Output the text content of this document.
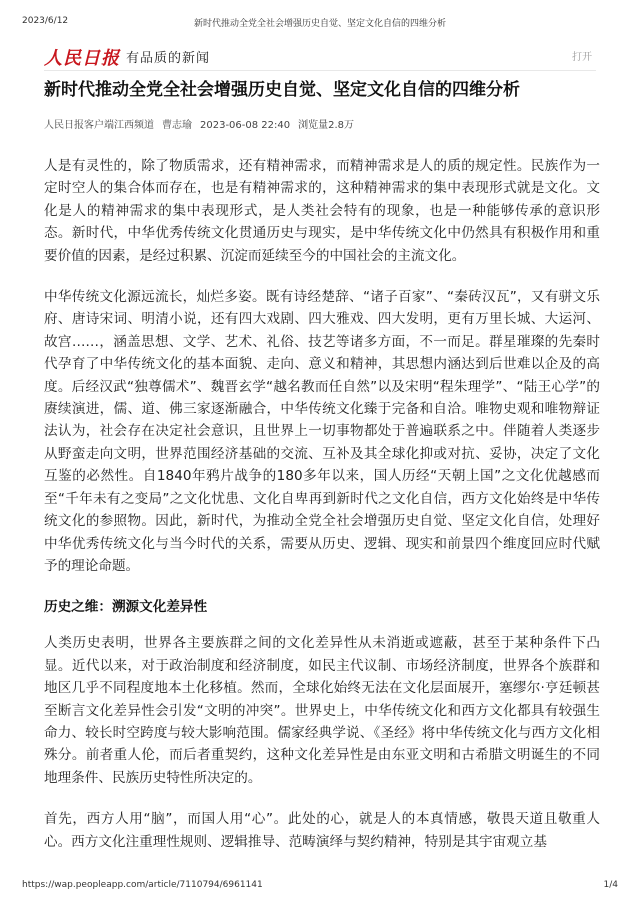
2023/6/12	新时代推动全党全社会增强历史自觉、坚定文化自信的四维分析
人民日报 有品质的新闻	打开
新时代推动全党全社会增强历史自觉、坚定文化自信的四维分析
人民日报客户端江西频道 曹志瑜 2023-06-08 22:40 浏览量2.8万

人是有灵性的，除了物质需求，还有精神需求，而精神需求是人的质的规定性。民族作为一定时空人的集合体而存在，也是有精神需求的，这种精神需求的集中表现形式就是文化。文化是人的精神需求的集中表现形式，是人类社会特有的现象，也是一种能够传承的意识形态。新时代，中华优秀传统文化贯通历史与现实，是中华传统文化中仍然具有积极作用和重要价值的因素，是经过积累、沉淀而延续至今的中国社会的主流文化。

中华传统文化源远流长，灿烂多姿。既有诗经楚辞、“诸子百家”、“秦砖汉瓦”，又有骈文乐府、唐诗宋词、明清小说，还有四大戏剧、四大雅戏、四大发明，更有万里长城、大运河、故宫……，涵盖思想、文学、艺术、礼俗、技艺等诸多方面，不一而足。群星璀璨的先秦时代孕育了中华传统文化的基本面貌、走向、意义和精神，其思想内涵达到后世难以企及的高度。后经汉武“独尊儒术”、魏晋玄学“越名教而任自然”以及宋明“程朱理学”、“陆王心学”的赓续演进，儒、道、佛三家逐渐融合，中华传统文化臻于完备和自洽。唯物史观和唯物辩证法认为，社会存在决定社会意识，且世界上一切事物都处于普遍联系之中。伴随着人类逐步从野蛮走向文明，世界范围经济基础的交流、互补及其全球化抑或对抗、妥协，决定了文化互鉴的必然性。自1840年鸦片战争的180多年以来，国人历经“天朝上国”之文化优越感而至“千年未有之变局”之文化忧患、文化自卑再到新时代之文化自信，西方文化始终是中华传统文化的参照物。因此，新时代，为推动全党全社会增强历史自觉、坚定文化自信，处理好中华优秀传统文化与当今时代的关系，需要从历史、逻辑、现实和前景四个维度回应时代赋予的理论命题。

历史之维：溯源文化差异性

人类历史表明，世界各主要族群之间的文化差异性从未消逝或遮蔽，甚至于某种条件下凸显。近代以来，对于政治制度和经济制度，如民主代议制、市场经济制度，世界各个族群和地区几乎不同程度地本土化移植。然而，全球化始终无法在文化层面展开，塞缪尔·亨廷顿甚至断言文化差异性会引发“文明的冲突”。世界史上，中华传统文化和西方文化都具有较强生命力、较长时空跨度与较大影响范围。儒家经典学说、《圣经》将中华传统文化与西方文化相殊分。前者重人伦，而后者重契约，这种文化差异性是由东亚文明和古希腊文明诞生的不同地理条件、民族历史特性所决定的。

首先，西方人用“脑”，而国人用“心”。此处的心，就是人的本真情感，敬畏天道且敬重人心。西方文化注重理性规则、逻辑推导、范畴演绎与契约精神，特别是其宇宙观立基

https://wap.peopleapp.com/article/7110794/6961141	1/4
